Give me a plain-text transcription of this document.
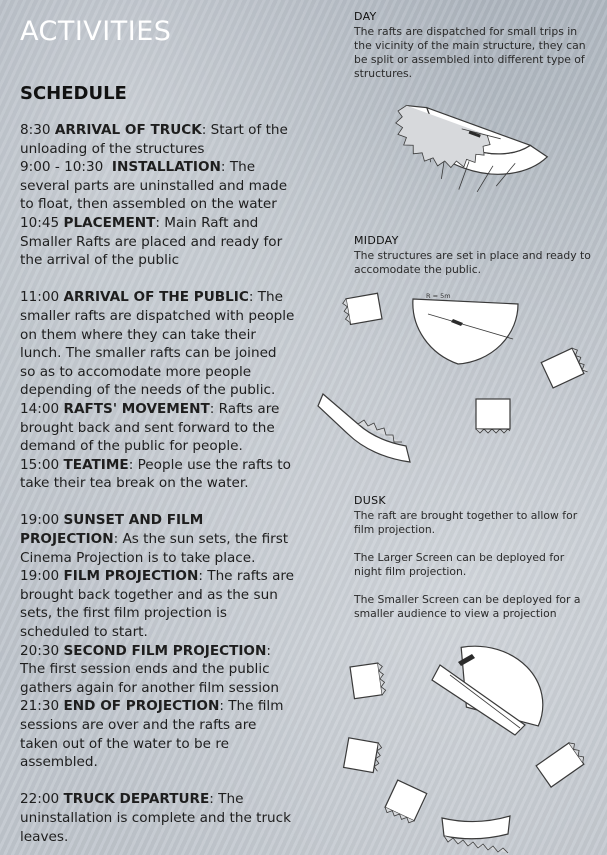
ACTIVITIES
SCHEDULE

8:30 ARRIVAL OF TRUCK: Start of the unloading of the structures

9:00 - 10:30 INSTALLATION: The several parts are uninstalled and made to float, then assembled on the water

10:45 PLACEMENT: Main Raft and Smaller Rafts are placed and ready for the arrival of the public

11:00 ARRIVAL OF THE PUBLIC: The smaller rafts are dispatched with people on them where they can take their lunch. The smaller rafts can be joined so as to accomodate more people depending of the needs of the public.

14:00 RAFTS' MOVEMENT: Rafts are brought back and sent forward to the demand of the public for people.

15:00 TEATIME: People use the rafts to take their tea break on the water.

19:00 SUNSET AND FILM PROJECTION: As the sun sets, the first Cinema Projection is to take place.

19:00 FILM PROJECTION: The rafts are brought back together and as the sun sets, the first film projection is scheduled to start.

20:30 SECOND FILM PROJECTION: The first session ends and the public gathers again for another film session

21:30 END OF PROJECTION: The film sessions are over and the rafts are taken out of the water to be re assembled.

22:00 TRUCK DEPARTURE: The uninstallation is complete and the truck leaves.

DAY

The rafts are dispatched for small trips in the vicinity of the main structure, they can be split or assembled into different type of structures.

MIDDAY

The structures are set in place and ready to accomodate the public.

R = 5m
DUSK

The raft are brought together to allow for film projection.

The Larger Screen can be deployed for night film projection.

The Smaller Screen can be deployed for a smaller audience to view a projection
